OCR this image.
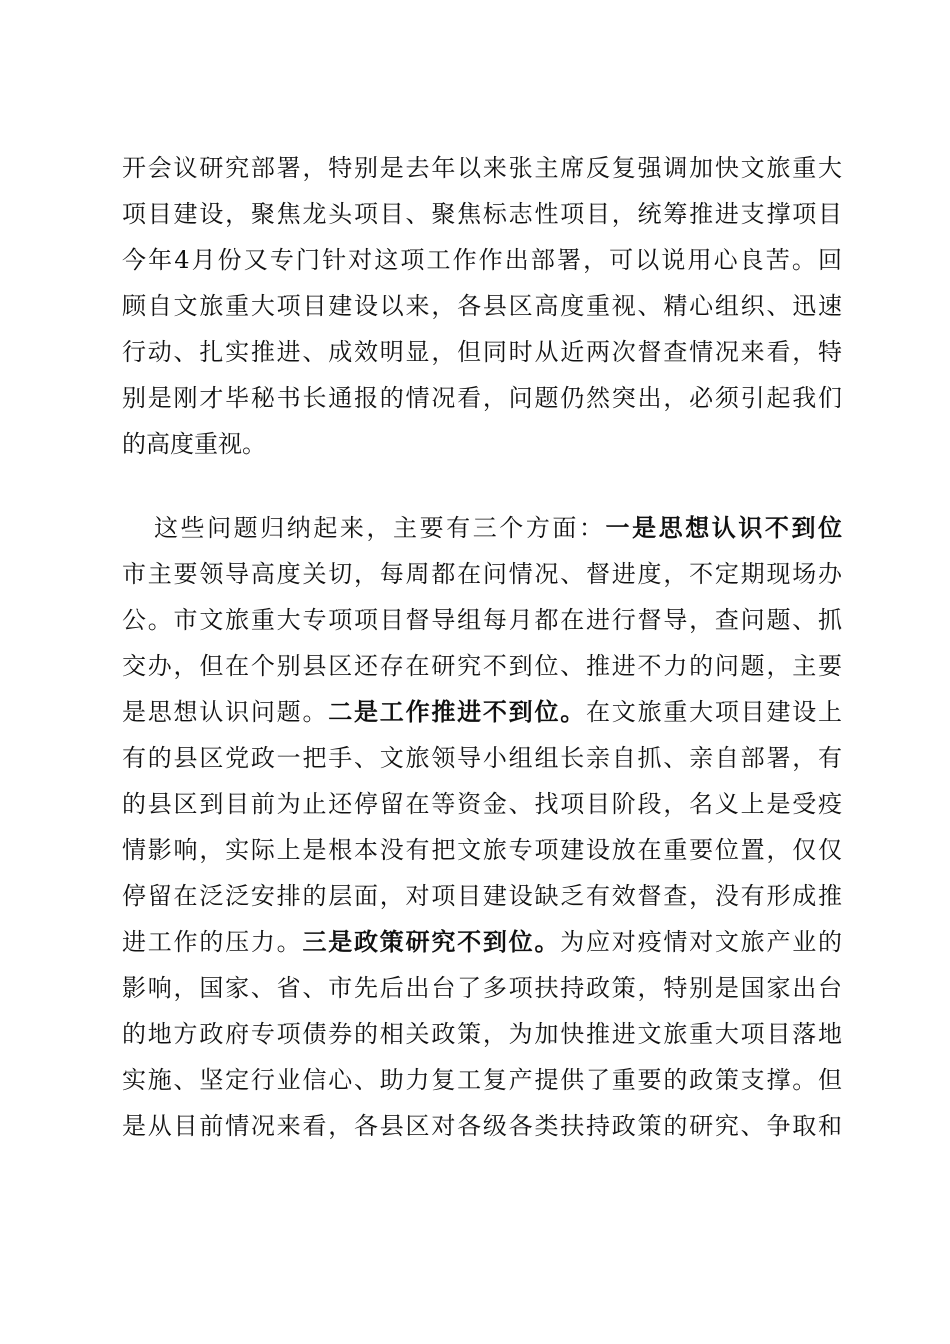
开会议研究部署，特别是去年以来张主席反复强调加快文旅重大
项目建设，聚焦龙头项目、聚焦标志性项目，统筹推进支撑项目
今年4月份又专门针对这项工作作出部署，可以说用心良苦。回
顾自文旅重大项目建设以来，各县区高度重视、精心组织、迅速
行动、扎实推进、成效明显，但同时从近两次督查情况来看，特
别是刚才毕秘书长通报的情况看，问题仍然突出，必须引起我们
的高度重视。
这些问题归纳起来，主要有三个方面：一是思想认识不到位
市主要领导高度关切，每周都在问情况、督进度，不定期现场办
公。市文旅重大专项项目督导组每月都在进行督导，查问题、抓
交办，但在个别县区还存在研究不到位、推进不力的问题，主要
是思想认识问题。二是工作推进不到位。在文旅重大项目建设上
有的县区党政一把手、文旅领导小组组长亲自抓、亲自部署，有
的县区到目前为止还停留在等资金、找项目阶段，名义上是受疫
情影响，实际上是根本没有把文旅专项建设放在重要位置，仅仅
停留在泛泛安排的层面，对项目建设缺乏有效督查，没有形成推
进工作的压力。三是政策研究不到位。为应对疫情对文旅产业的
影响，国家、省、市先后出台了多项扶持政策，特别是国家出台
的地方政府专项债券的相关政策，为加快推进文旅重大项目落地
实施、坚定行业信心、助力复工复产提供了重要的政策支撑。但
是从目前情况来看，各县区对各级各类扶持政策的研究、争取和
